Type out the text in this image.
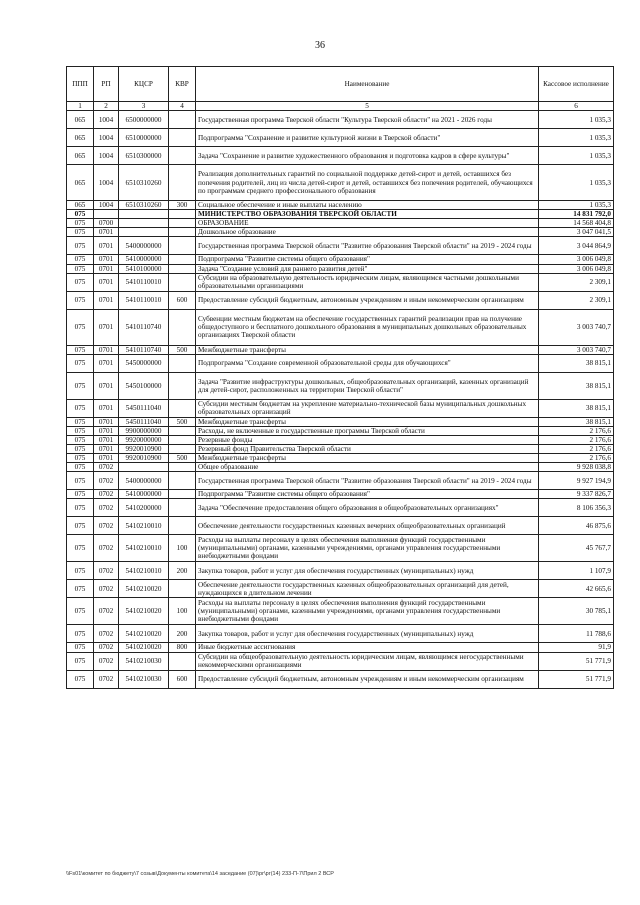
36
ППП	РП	КЦСР	КВР	Наименование	Кассовое исполнение
1	2	3	4	5	6
065	1004	6500000000		Государственная программа Тверской области "Культура Тверской области" на 2021 - 2026 годы	1 035,3
065	1004	6510000000		Подпрограмма "Сохранение и развитие культурной жизни в Тверской области"	1 035,3
065	1004	6510300000		Задача "Сохранение и развитие художественного образования и подготовка кадров в сфере культуры"	1 035,3
065	1004	6510310260		Реализация дополнительных гарантий по социальной поддержке детей-сирот и детей, оставшихся без попечения родителей, лиц из числа детей-сирот и детей, оставшихся без попечения родителей, обучающихся по программам среднего профессионального образования	1 035,3
065	1004	6510310260	300	Социальное обеспечение и иные выплаты населению	1 035,3
075				МИНИСТЕРСТВО ОБРАЗОВАНИЯ ТВЕРСКОЙ ОБЛАСТИ	14 831 792,0
075	0700			ОБРАЗОВАНИЕ	14 568 404,8
075	0701			Дошкольное образование	3 047 041,5
075	0701	5400000000		Государственная программа Тверской области "Развитие образования Тверской области" на 2019 - 2024 годы	3 044 864,9
075	0701	5410000000		Подпрограмма "Развитие системы общего образования"	3 006 049,8
075	0701	5410100000		Задача "Создание условий для раннего развития детей"	3 006 049,8
075	0701	5410110010		Субсидии на образовательную деятельность юридическим лицам, являющимся частными дошкольными образовательными организациями	2 309,1
075	0701	5410110010	600	Предоставление субсидий бюджетным, автономным учреждениям и иным некоммерческим организациям	2 309,1
075	0701	5410110740		Субвенции местным бюджетам на обеспечение государственных гарантий реализации прав на получение общедоступного и бесплатного дошкольного образования в муниципальных дошкольных образовательных организациях Тверской области	3 003 740,7
075	0701	5410110740	500	Межбюджетные трансферты	3 003 740,7
075	0701	5450000000		Подпрограмма "Создание современной образовательной среды для обучающихся"	38 815,1
075	0701	5450100000		Задача "Развитие инфраструктуры дошкольных, общеобразовательных организаций, казенных организаций для детей-сирот, расположенных на территории Тверской области"	38 815,1
075	0701	5450111040		Субсидии местным бюджетам на укрепление материально-технической базы муниципальных дошкольных образовательных организаций	38 815,1
075	0701	5450111040	500	Межбюджетные трансферты	38 815,1
075	0701	9900000000		Расходы, не включенные в государственные программы Тверской области	2 176,6
075	0701	9920000000		Резервные фонды	2 176,6
075	0701	9920010900		Резервный фонд Правительства Тверской области	2 176,6
075	0701	9920010900	500	Межбюджетные трансферты	2 176,6
075	0702			Общее образование	9 928 038,8
075	0702	5400000000		Государственная программа Тверской области "Развитие образования Тверской области" на 2019 - 2024 годы	9 927 194,9
075	0702	5410000000		Подпрограмма "Развитие системы общего образования"	9 337 826,7
075	0702	5410200000		Задача "Обеспечение предоставления общего образования в общеобразовательных организациях"	8 106 356,3
075	0702	5410210010		Обеспечение деятельности государственных казенных вечерних общеобразовательных организаций	46 875,6
075	0702	5410210010	100	Расходы на выплаты персоналу в целях обеспечения выполнения функций государственными (муниципальными) органами, казенными учреждениями, органами управления государственными внебюджетными фондами	45 767,7
075	0702	5410210010	200	Закупка товаров, работ и услуг для обеспечения государственных (муниципальных) нужд	1 107,9
075	0702	5410210020		Обеспечение деятельности государственных казенных общеобразовательных организаций для детей, нуждающихся в длительном лечении	42 665,6
075	0702	5410210020	100	Расходы на выплаты персоналу в целях обеспечения выполнения функций государственными (муниципальными) органами, казенными учреждениями, органами управления государственными внебюджетными фондами	30 785,1
075	0702	5410210020	200	Закупка товаров, работ и услуг для обеспечения государственных (муниципальных) нужд	11 788,6
075	0702	5410210020	800	Иные бюджетные ассигнования	91,9
075	0702	5410210030		Субсидии на общеобразовательную деятельность юридическим лицам, являющимся негосударственными некоммерческими организациями	51 771,9
075	0702	5410210030	600	Предоставление субсидий бюджетным, автономным учреждениям и иным некоммерческим организациям	51 771,9
\\Fs01\комитет по бюджету\7 созыв\Документы комитета\14 заседание (07)\рг\рг(14) 233-П-7\Прил 2 ВСР
